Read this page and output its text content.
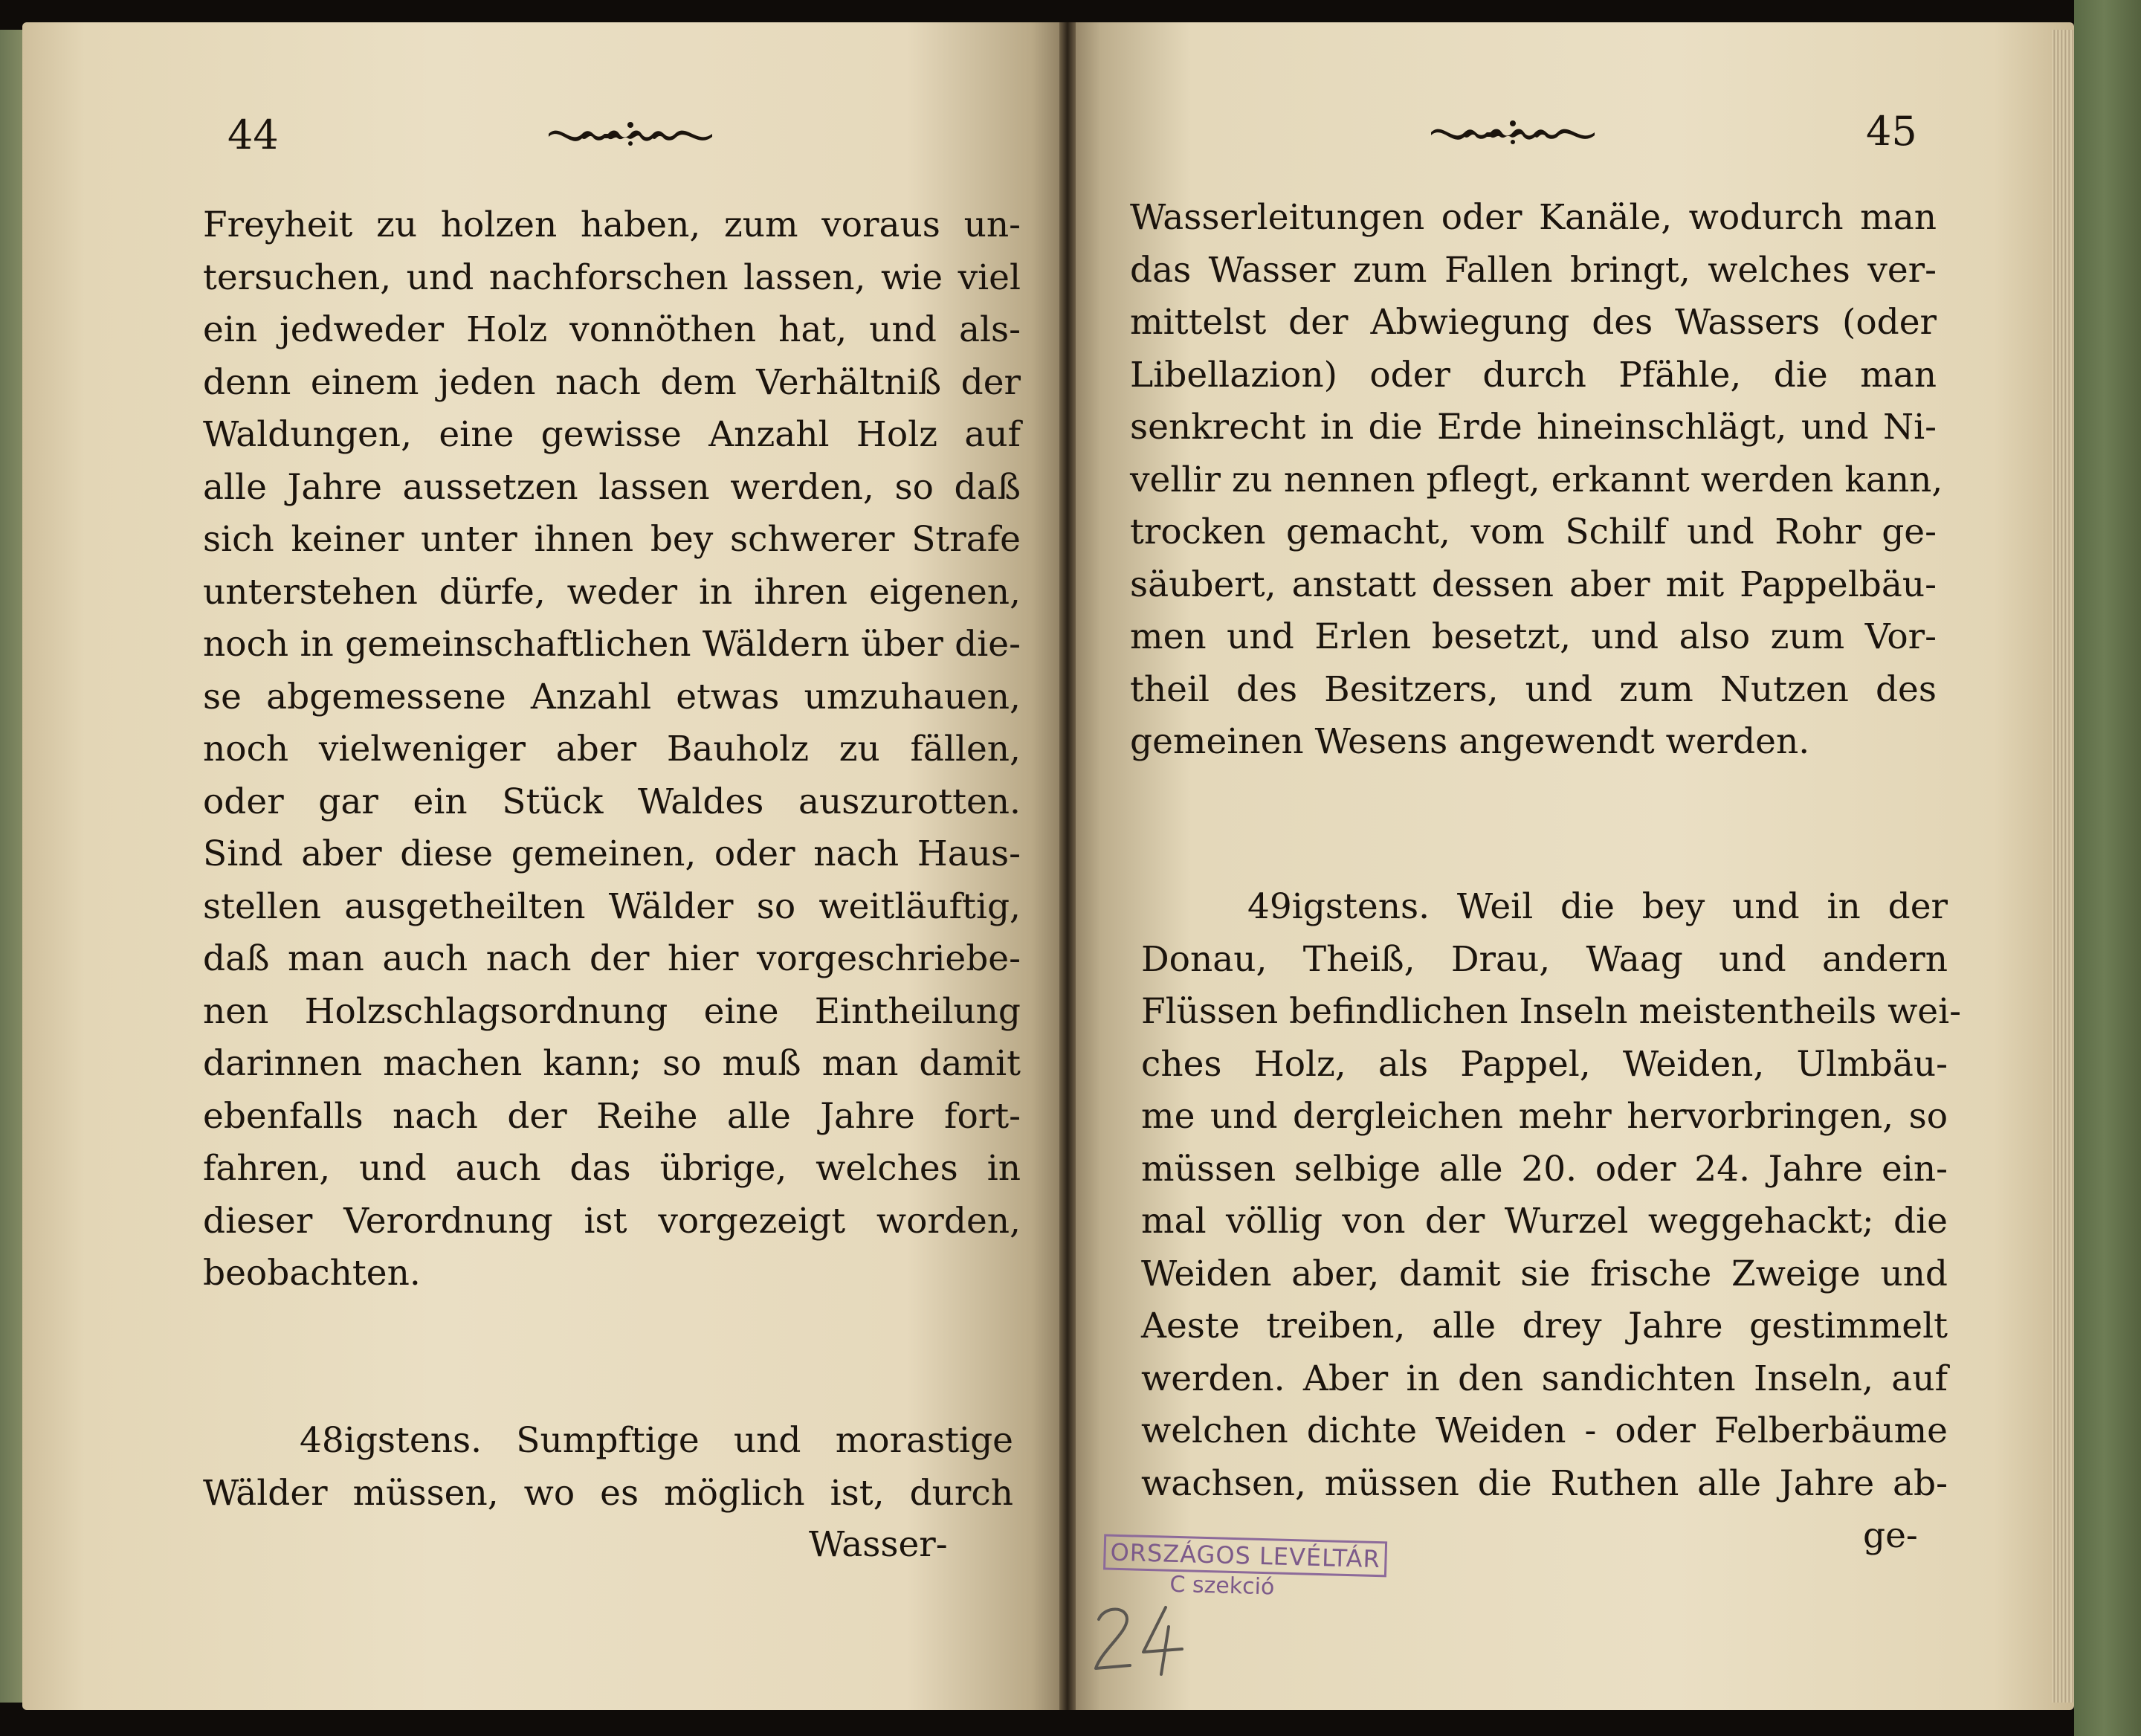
44
Freyheit zu holzen haben, zum voraus un-
tersuchen, und nachforschen lassen, wie viel
ein jedweder Holz vonnöthen hat, und als-
denn einem jeden nach dem Verhältniß der
Waldungen, eine gewisse Anzahl Holz auf
alle Jahre aussetzen lassen werden, so daß
sich keiner unter ihnen bey schwerer Strafe
unterstehen dürfe, weder in ihren eigenen,
noch in gemeinschaftlichen Wäldern über die-
se abgemessene Anzahl etwas umzuhauen,
noch vielweniger aber Bauholz zu fällen,
oder gar ein Stück Waldes auszurotten.
Sind aber diese gemeinen, oder nach Haus-
stellen ausgetheilten Wälder so weitläuftig,
daß man auch nach der hier vorgeschriebe-
nen Holzschlagsordnung eine Eintheilung
darinnen machen kann; so muß man damit
ebenfalls nach der Reihe alle Jahre fort-
fahren, und auch das übrige, welches in
dieser Verordnung ist vorgezeigt worden,
beobachten.
48igstens. Sumpftige und morastige
Wälder müssen, wo es möglich ist, durch
Wasser-
45
Wasserleitungen oder Kanäle, wodurch man
das Wasser zum Fallen bringt, welches ver-
mittelst der Abwiegung des Wassers (oder
Libellazion) oder durch Pfähle, die man
senkrecht in die Erde hineinschlägt, und Ni-
vellir zu nennen pflegt, erkannt werden kann,
trocken gemacht, vom Schilf und Rohr ge-
säubert, anstatt dessen aber mit Pappelbäu-
men und Erlen besetzt, und also zum Vor-
theil des Besitzers, und zum Nutzen des
gemeinen Wesens angewendt werden.
49igstens. Weil die bey und in der
Donau, Theiß, Drau, Waag und andern
Flüssen befindlichen Inseln meistentheils wei-
ches Holz, als Pappel, Weiden, Ulmbäu-
me und dergleichen mehr hervorbringen, so
müssen selbige alle 20. oder 24. Jahre ein-
mal völlig von der Wurzel weggehackt; die
Weiden aber, damit sie frische Zweige und
Aeste treiben, alle drey Jahre gestimmelt
werden. Aber in den sandichten Inseln, auf
welchen dichte Weiden - oder Felberbäume
wachsen, müssen die Ruthen alle Jahre ab-
ge-
ORSZÁGOS LEVÉLTÁR
C szekció
